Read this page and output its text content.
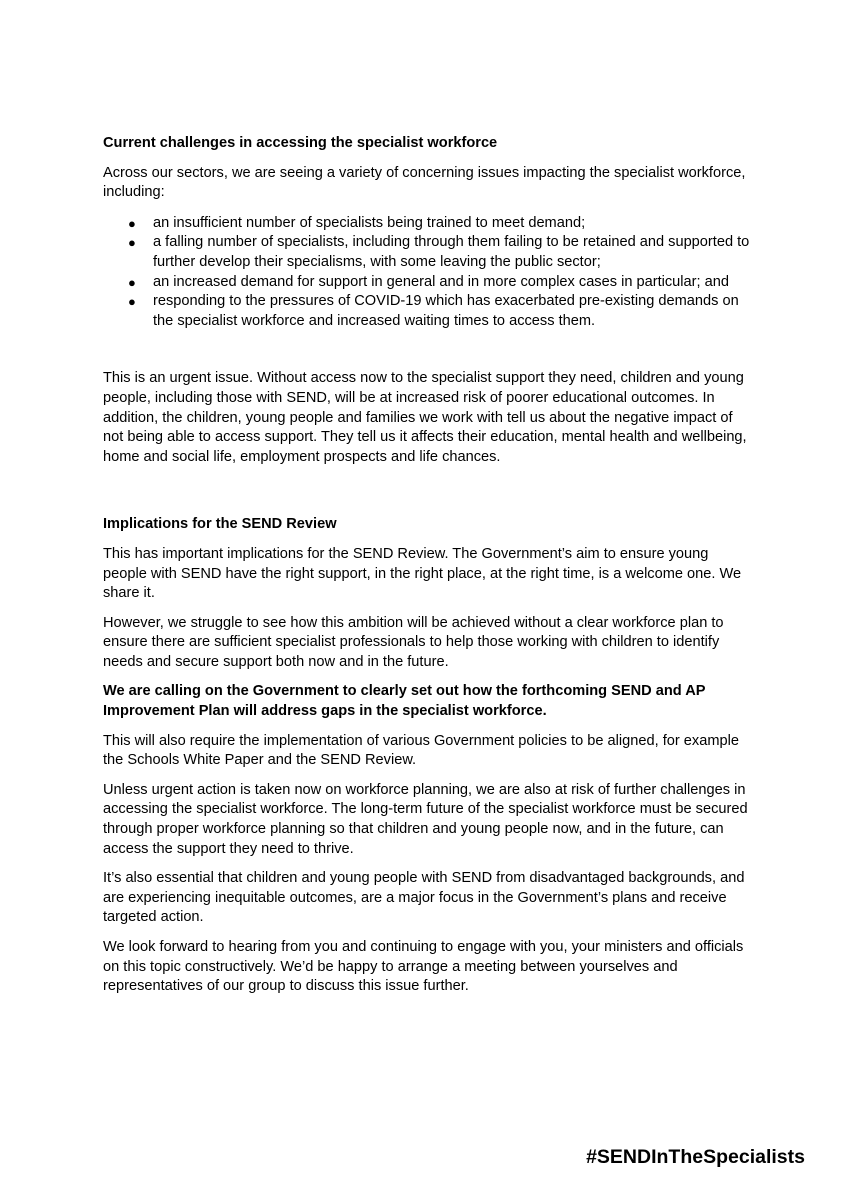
Current challenges in accessing the specialist workforce

Across our sectors, we are seeing a variety of concerning issues impacting the specialist workforce, including:

● an insufficient number of specialists being trained to meet demand;
● a falling number of specialists, including through them failing to be retained and supported to further develop their specialisms, with some leaving the public sector;
● an increased demand for support in general and in more complex cases in particular; and
● responding to the pressures of COVID-19 which has exacerbated pre-existing demands on the specialist workforce and increased waiting times to access them.

This is an urgent issue. Without access now to the specialist support they need, children and young people, including those with SEND, will be at increased risk of poorer educational outcomes. In addition, the children, young people and families we work with tell us about the negative impact of not being able to access support. They tell us it affects their education, mental health and wellbeing, home and social life, employment prospects and life chances.

Implications for the SEND Review

This has important implications for the SEND Review. The Government’s aim to ensure young people with SEND have the right support, in the right place, at the right time, is a welcome one. We share it.

However, we struggle to see how this ambition will be achieved without a clear workforce plan to ensure there are sufficient specialist professionals to help those working with children to identify needs and secure support both now and in the future.

We are calling on the Government to clearly set out how the forthcoming SEND and AP Improvement Plan will address gaps in the specialist workforce.

This will also require the implementation of various Government policies to be aligned, for example the Schools White Paper and the SEND Review.

Unless urgent action is taken now on workforce planning, we are also at risk of further challenges in accessing the specialist workforce. The long-term future of the specialist workforce must be secured through proper workforce planning so that children and young people now, and in the future, can access the support they need to thrive.

It’s also essential that children and young people with SEND from disadvantaged backgrounds, and are experiencing inequitable outcomes, are a major focus in the Government’s plans and receive targeted action.

We look forward to hearing from you and continuing to engage with you, your ministers and officials on this topic constructively. We’d be happy to arrange a meeting between yourselves and representatives of our group to discuss this issue further.

#SENDInTheSpecialists
